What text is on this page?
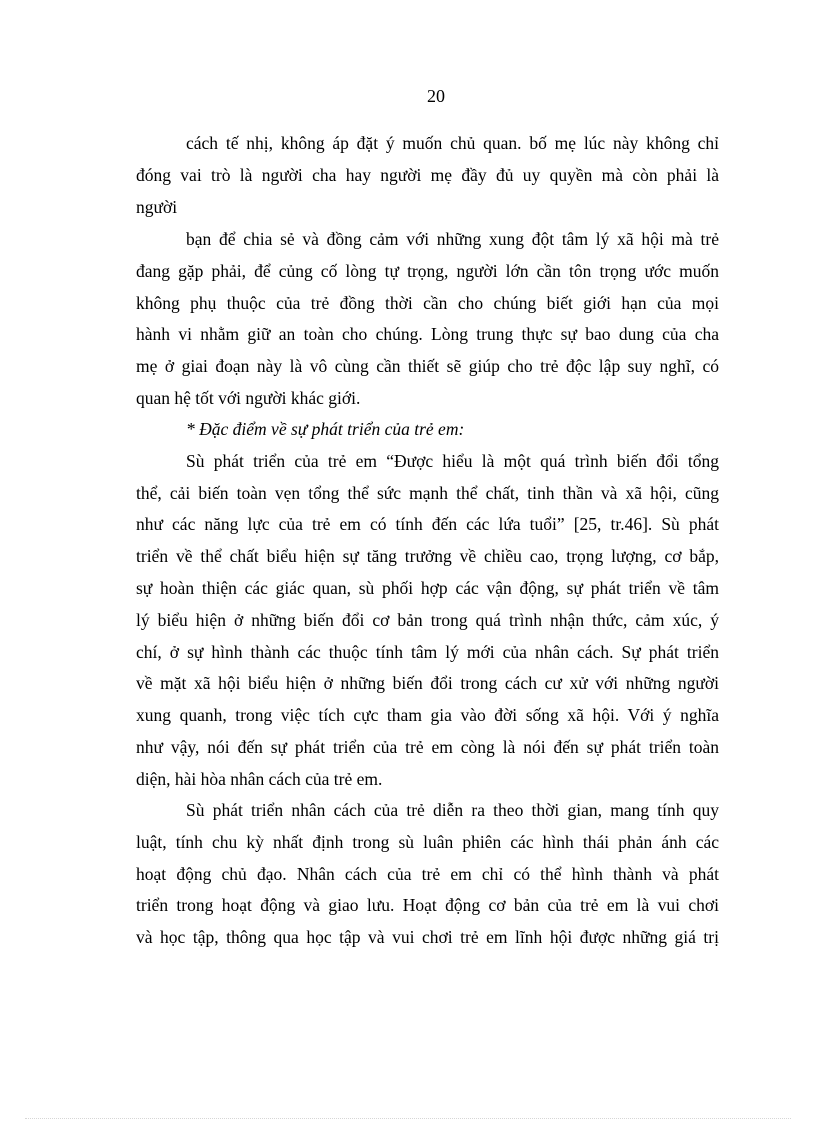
20
cách tế nhị, không áp đặt ý muốn chủ quan. bố mẹ lúc này không chỉ
đóng vai trò là người cha hay người mẹ đầy đủ uy quyền mà còn phải là
người
bạn để chia sẻ và đồng cảm với những xung đột tâm lý xã hội mà trẻ
đang gặp phải, để củng cố lòng tự trọng, người lớn cần tôn trọng ước muốn
không phụ thuộc của trẻ đồng thời cần cho chúng biết giới hạn của mọi
hành vi nhằm giữ an toàn cho chúng. Lòng trung thực sự bao dung của cha
mẹ ở giai đoạn này là vô cùng cần thiết sẽ giúp cho trẻ độc lập suy nghĩ, có
quan hệ tốt với người khác giới.
* Đặc điểm về sự phát triển của trẻ em:
Sù phát triển của trẻ em “Được hiểu là một quá trình biến đổi tổng
thể, cải biến toàn vẹn tổng thể sức mạnh thể chất, tinh thần và xã hội, cũng
như các năng lực của trẻ em có tính đến các lứa tuổi” [25, tr.46]. Sù phát
triển về thể chất biểu hiện sự tăng trưởng về chiều cao, trọng lượng, cơ bắp,
sự hoàn thiện các giác quan, sù phối hợp các vận động, sự phát triển về tâm
lý biểu hiện ở những biến đổi cơ bản trong quá trình nhận thức, cảm xúc, ý
chí, ở sự hình thành các thuộc tính tâm lý mới của nhân cách. Sự phát triển
về mặt xã hội biểu hiện ở những biến đổi trong cách cư xử với những người
xung quanh, trong việc tích cực tham gia vào đời sống xã hội. Với ý nghĩa
như vậy, nói đến sự phát triển của trẻ em còng là nói đến sự phát triển toàn
diện, hài hòa nhân cách của trẻ em.
Sù phát triển nhân cách của trẻ diễn ra theo thời gian, mang tính quy
luật, tính chu kỳ nhất định trong sù luân phiên các hình thái phản ánh các
hoạt động chủ đạo. Nhân cách của trẻ em chỉ có thể hình thành và phát
triển trong hoạt động và giao lưu. Hoạt động cơ bản của trẻ em là vui chơi
và học tập, thông qua học tập và vui chơi trẻ em lĩnh hội được những giá trị
